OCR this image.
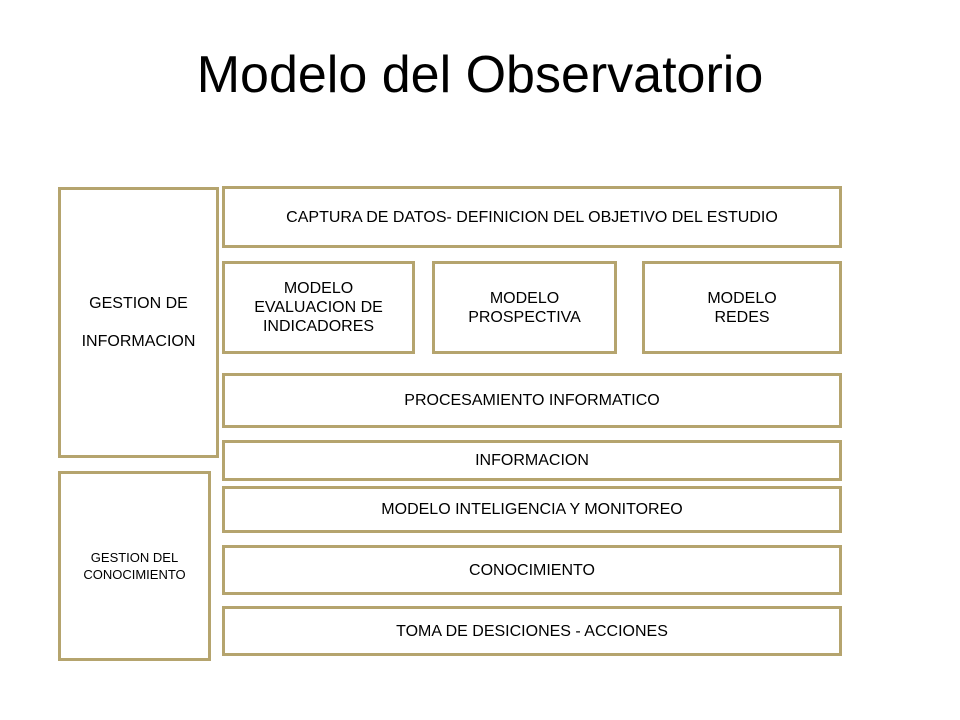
Modelo del Observatorio
GESTION DE

INFORMACION
GESTION DEL
CONOCIMIENTO
CAPTURA DE DATOS- DEFINICION DEL OBJETIVO DEL ESTUDIO
MODELO
EVALUACION DE
INDICADORES
MODELO
PROSPECTIVA
MODELO
REDES
PROCESAMIENTO INFORMATICO
INFORMACION
MODELO INTELIGENCIA Y MONITOREO
CONOCIMIENTO
TOMA DE DESICIONES - ACCIONES
